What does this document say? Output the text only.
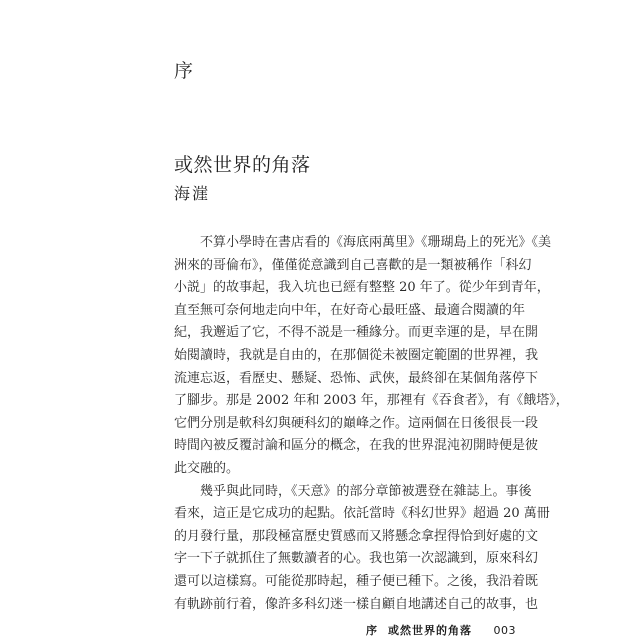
序
或然世界的角落
海漄
不算小學時在書店看的《海底兩萬里》《珊瑚島上的死光》《美
洲來的哥倫布》，僅僅從意識到自己喜歡的是一類被稱作「科幻
小説」的故事起，我入坑也已經有整整 20 年了。從少年到青年，
直至無可奈何地走向中年，在好奇心最旺盛、最適合閱讀的年
紀，我邂逅了它，不得不説是一種緣分。而更幸運的是，早在開
始閱讀時，我就是自由的，在那個從未被圈定範圍的世界裡，我
流連忘返，看歷史、懸疑、恐怖、武俠，最終卻在某個角落停下
了腳步。那是 2002 年和 2003 年，那裡有《吞食者》，有《餓塔》，
它們分別是軟科幻與硬科幻的巔峰之作。這兩個在日後很長一段
時間內被反覆討論和區分的概念，在我的世界混沌初開時便是彼
此交融的。
幾乎與此同時，《天意》的部分章節被選登在雜誌上。事後
看來，這正是它成功的起點。依託當時《科幻世界》超過 20 萬冊
的月發行量，那段極富歷史質感而又將懸念拿捏得恰到好處的文
字一下子就抓住了無數讀者的心。我也第一次認識到，原來科幻
還可以這樣寫。可能從那時起，種子便已種下。之後，我沿着既
有軌跡前行着，像許多科幻迷一樣自顧自地講述自己的故事，也
序 或然世界的角落 003
